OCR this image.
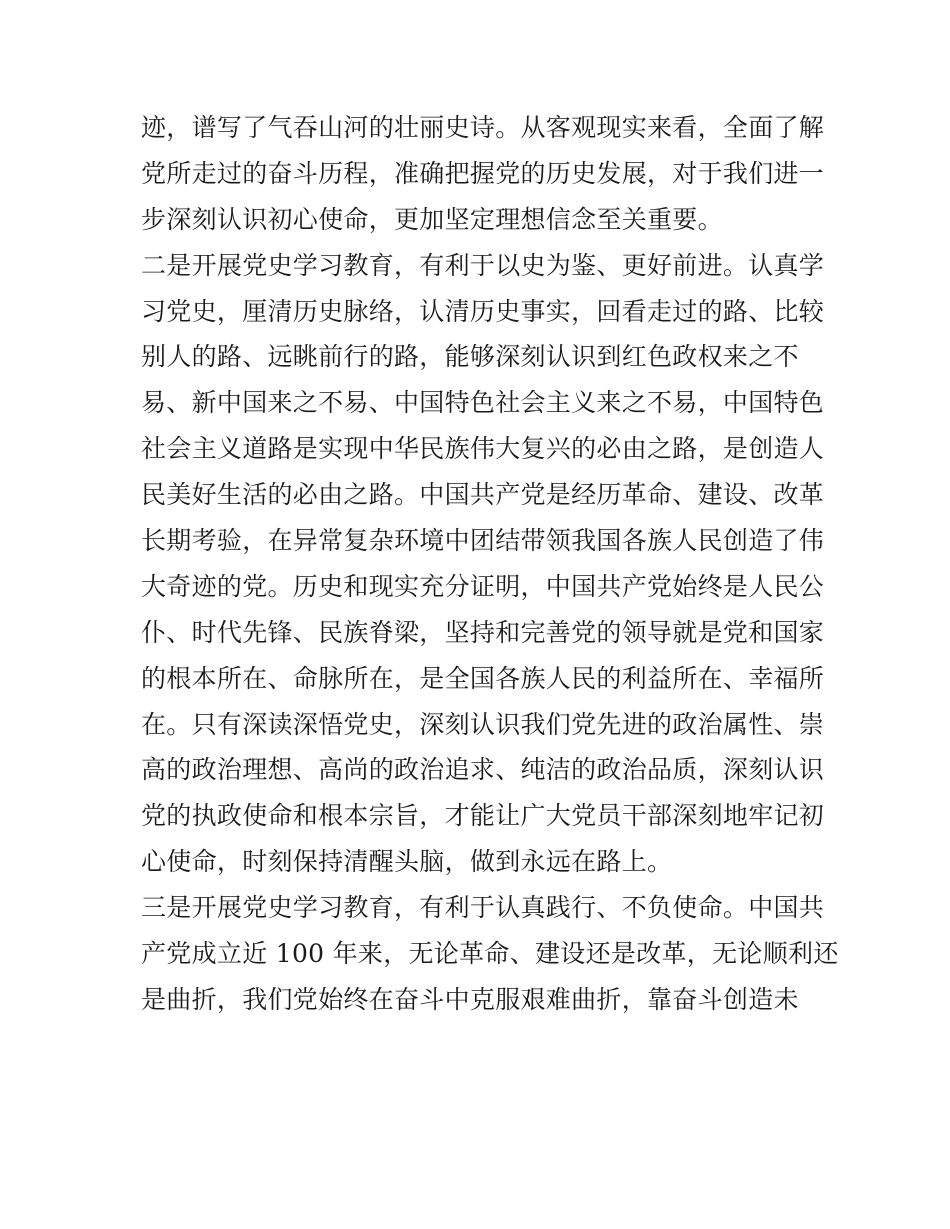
迹，谱写了气吞山河的壮丽史诗。从客观现实来看，全面了解
党所走过的奋斗历程，准确把握党的历史发展，对于我们进一
步深刻认识初心使命，更加坚定理想信念至关重要。
二是开展党史学习教育，有利于以史为鉴、更好前进。认真学
习党史，厘清历史脉络，认清历史事实，回看走过的路、比较
别人的路、远眺前行的路，能够深刻认识到红色政权来之不
易、新中国来之不易、中国特色社会主义来之不易，中国特色
社会主义道路是实现中华民族伟大复兴的必由之路，是创造人
民美好生活的必由之路。中国共产党是经历革命、建设、改革
长期考验，在异常复杂环境中团结带领我国各族人民创造了伟
大奇迹的党。历史和现实充分证明，中国共产党始终是人民公
仆、时代先锋、民族脊梁，坚持和完善党的领导就是党和国家
的根本所在、命脉所在，是全国各族人民的利益所在、幸福所
在。只有深读深悟党史，深刻认识我们党先进的政治属性、崇
高的政治理想、高尚的政治追求、纯洁的政治品质，深刻认识
党的执政使命和根本宗旨，才能让广大党员干部深刻地牢记初
心使命，时刻保持清醒头脑，做到永远在路上。
三是开展党史学习教育，有利于认真践行、不负使命。中国共
产党成立近 100 年来，无论革命、建设还是改革，无论顺利还
是曲折，我们党始终在奋斗中克服艰难曲折，靠奋斗创造未
